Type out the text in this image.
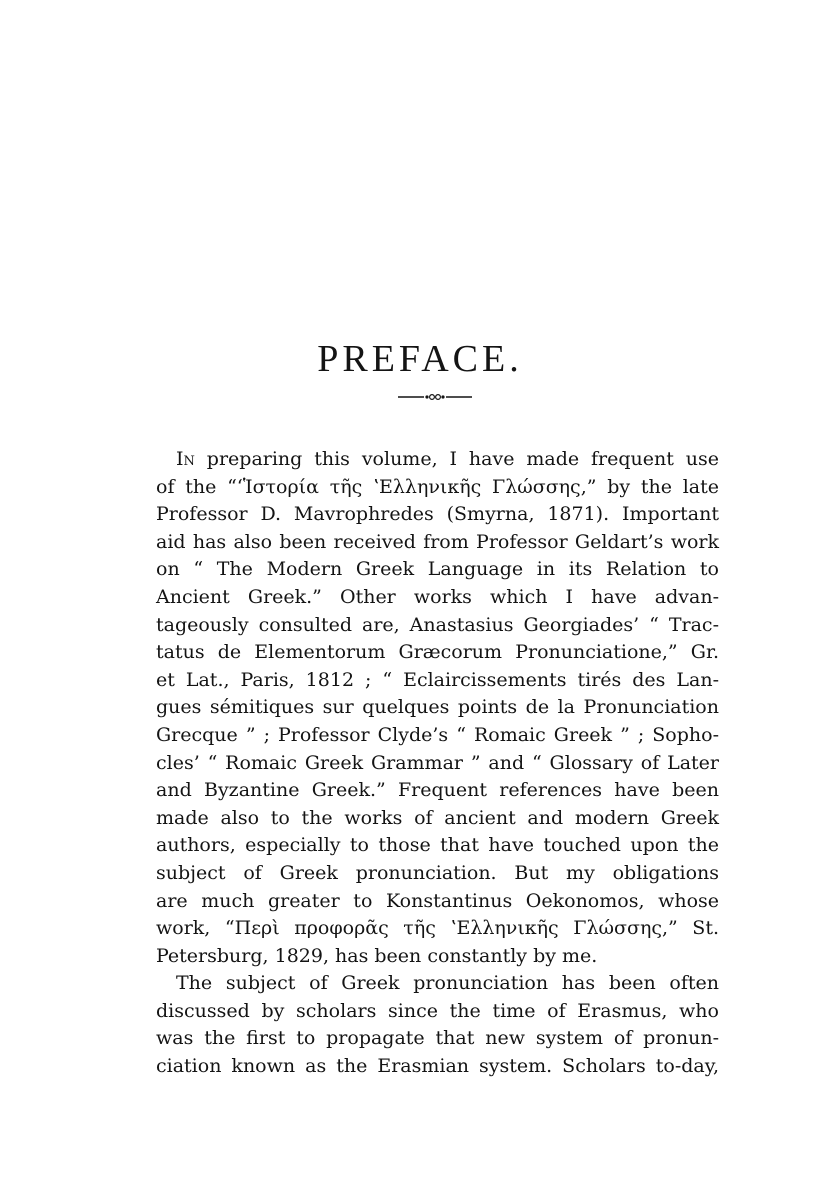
PREFACE.
In preparing this volume, I have made frequent use
of the “‘Ἱστορία τῆς ʽΕλληνικῆς Γλώσσης,” by the late
Professor D. Mavrophredes (Smyrna, 1871). Important
aid has also been received from Professor Geldart’s work
on “ The Modern Greek Language in its Relation to
Ancient Greek.” Other works which I have advan-
tageously consulted are, Anastasius Georgiades’ “ Trac-
tatus de Elementorum Græcorum Pronunciatione,” Gr.
et Lat., Paris, 1812 ; “ Eclaircissements tirés des Lan-
gues sémitiques sur quelques points de la Pronunciation
Grecque ” ; Professor Clyde’s “ Romaic Greek ” ; Sopho-
cles’ “ Romaic Greek Grammar ” and “ Glossary of Later
and Byzantine Greek.” Frequent references have been
made also to the works of ancient and modern Greek
authors, especially to those that have touched upon the
subject of Greek pronunciation. But my obligations
are much greater to Konstantinus Oekonomos, whose
work, “Περὶ προφορᾶς τῆς ʽΕλληνικῆς Γλώσσης,” St.
Petersburg, 1829, has been constantly by me.
The subject of Greek pronunciation has been often
discussed by scholars since the time of Erasmus, who
was the first to propagate that new system of pronun-
ciation known as the Erasmian system. Scholars to-day,
